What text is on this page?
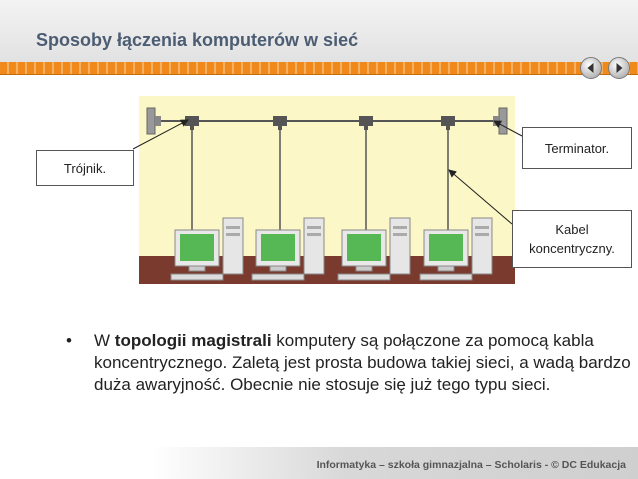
Sposoby łączenia komputerów w sieć
Trójnik.
Terminator.
Kabel
koncentryczny.
• W topologii magistrali komputery są połączone za pomocą kabla koncentrycznego. Zaletą jest prosta budowa takiej sieci, a wadą bardzo duża awaryjność. Obecnie nie stosuje się już tego typu sieci.
Informatyka – szkoła gimnazjalna – Scholaris - © DC Edukacja
